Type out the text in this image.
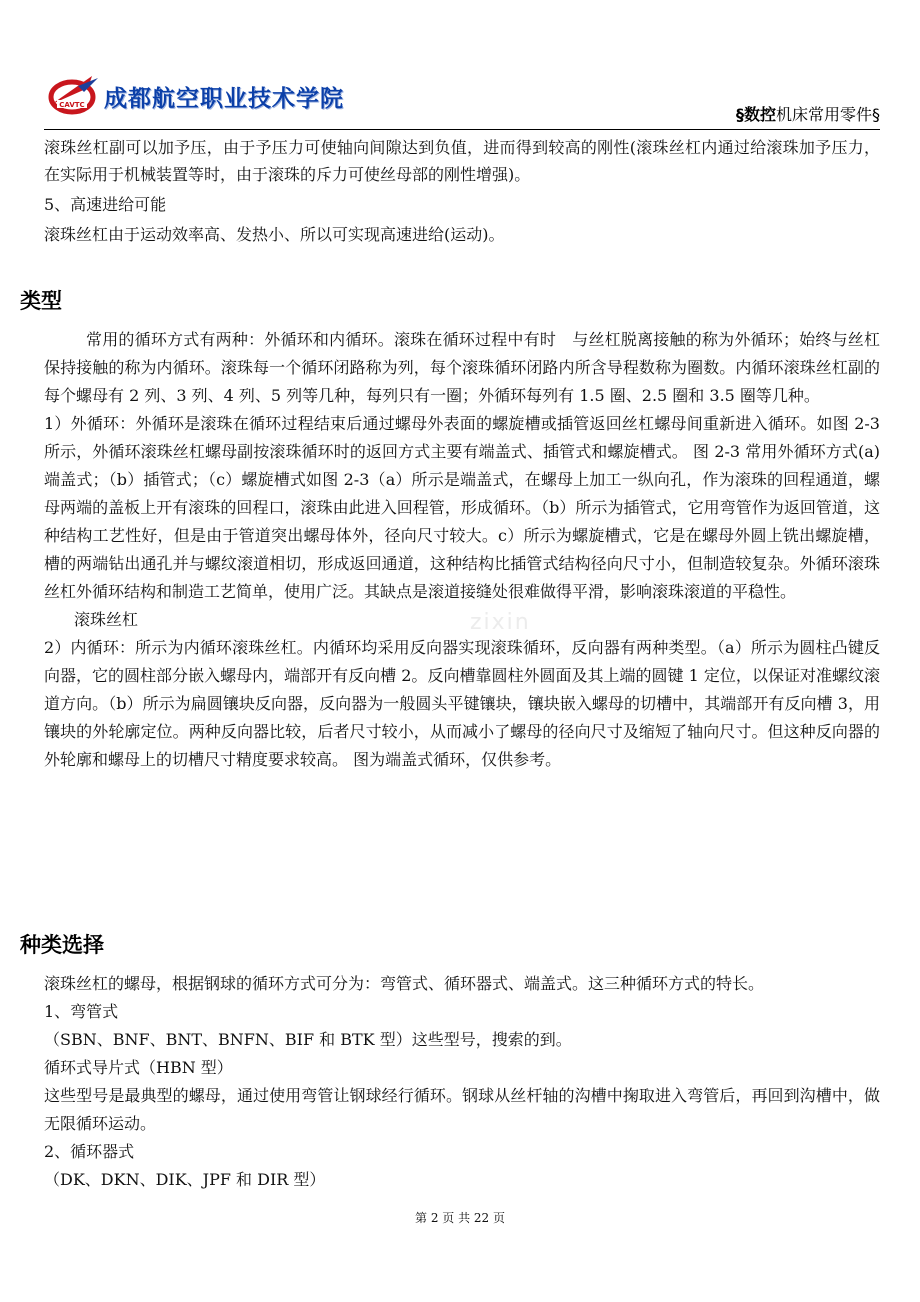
CAVTC 成都航空职业技术学院
§数控机床常用零件§

滚珠丝杠副可以加予压，由于予压力可使轴向间隙达到负值，进而得到较高的刚性(滚珠丝杠内通过给滚珠加予压力，在实际用于机械装置等时，由于滚珠的斥力可使丝母部的刚性增强)。

5、高速进给可能

滚珠丝杠由于运动效率高、发热小、所以可实现高速进给(运动)。

类型

常用的循环方式有两种：外循环和内循环。滚珠在循环过程中有时　与丝杠脱离接触的称为外循环；始终与丝杠保持接触的称为内循环。滚珠每一个循环闭路称为列，每个滚珠循环闭路内所含导程数称为圈数。内循环滚珠丝杠副的每个螺母有 2 列、3 列、4 列、5 列等几种，每列只有一圈；外循环每列有 1.5 圈、2.5 圈和 3.5 圈等几种。

1）外循环：外循环是滚珠在循环过程结束后通过螺母外表面的螺旋槽或插管返回丝杠螺母间重新进入循环。如图 2-3 所示，外循环滚珠丝杠螺母副按滚珠循环时的返回方式主要有端盖式、插管式和螺旋槽式。 图 2-3 常用外循环方式(a)端盖式；（b）插管式；（c）螺旋槽式如图 2-3（a）所示是端盖式，在螺母上加工一纵向孔，作为滚珠的回程通道，螺母两端的盖板上开有滚珠的回程口，滚珠由此进入回程管，形成循环。（b）所示为插管式，它用弯管作为返回管道，这种结构工艺性好，但是由于管道突出螺母体外，径向尺寸较大。c）所示为螺旋槽式，它是在螺母外圆上铣出螺旋槽，槽的两端钻出通孔并与螺纹滚道相切，形成返回通道，这种结构比插管式结构径向尺寸小，但制造较复杂。外循环滚珠丝杠外循环结构和制造工艺简单，使用广泛。其缺点是滚道接缝处很难做得平滑，影响滚珠滚道的平稳性。

滚珠丝杠

2）内循环：所示为内循环滚珠丝杠。内循环均采用反向器实现滚珠循环，反向器有两种类型。（a）所示为圆柱凸键反向器，它的圆柱部分嵌入螺母内，端部开有反向槽 2。反向槽靠圆柱外圆面及其上端的圆键 1 定位，以保证对准螺纹滚道方向。（b）所示为扁圆镶块反向器，反向器为一般圆头平键镶块，镶块嵌入螺母的切槽中，其端部开有反向槽 3，用镶块的外轮廓定位。两种反向器比较，后者尺寸较小，从而减小了螺母的径向尺寸及缩短了轴向尺寸。但这种反向器的外轮廓和螺母上的切槽尺寸精度要求较高。 图为端盖式循环，仅供参考。

种类选择

滚珠丝杠的螺母，根据钢球的循环方式可分为：弯管式、循环器式、端盖式。这三种循环方式的特长。

1、弯管式

（SBN、BNF、BNT、BNFN、BIF 和 BTK 型）这些型号，搜索的到。

循环式导片式（HBN 型）

这些型号是最典型的螺母，通过使用弯管让钢球经行循环。钢球从丝杆轴的沟槽中掬取进入弯管后，再回到沟槽中，做无限循环运动。

2、循环器式

（DK、DKN、DIK、JPF 和 DIR 型）

zixin
第 2 页 共 22 页
